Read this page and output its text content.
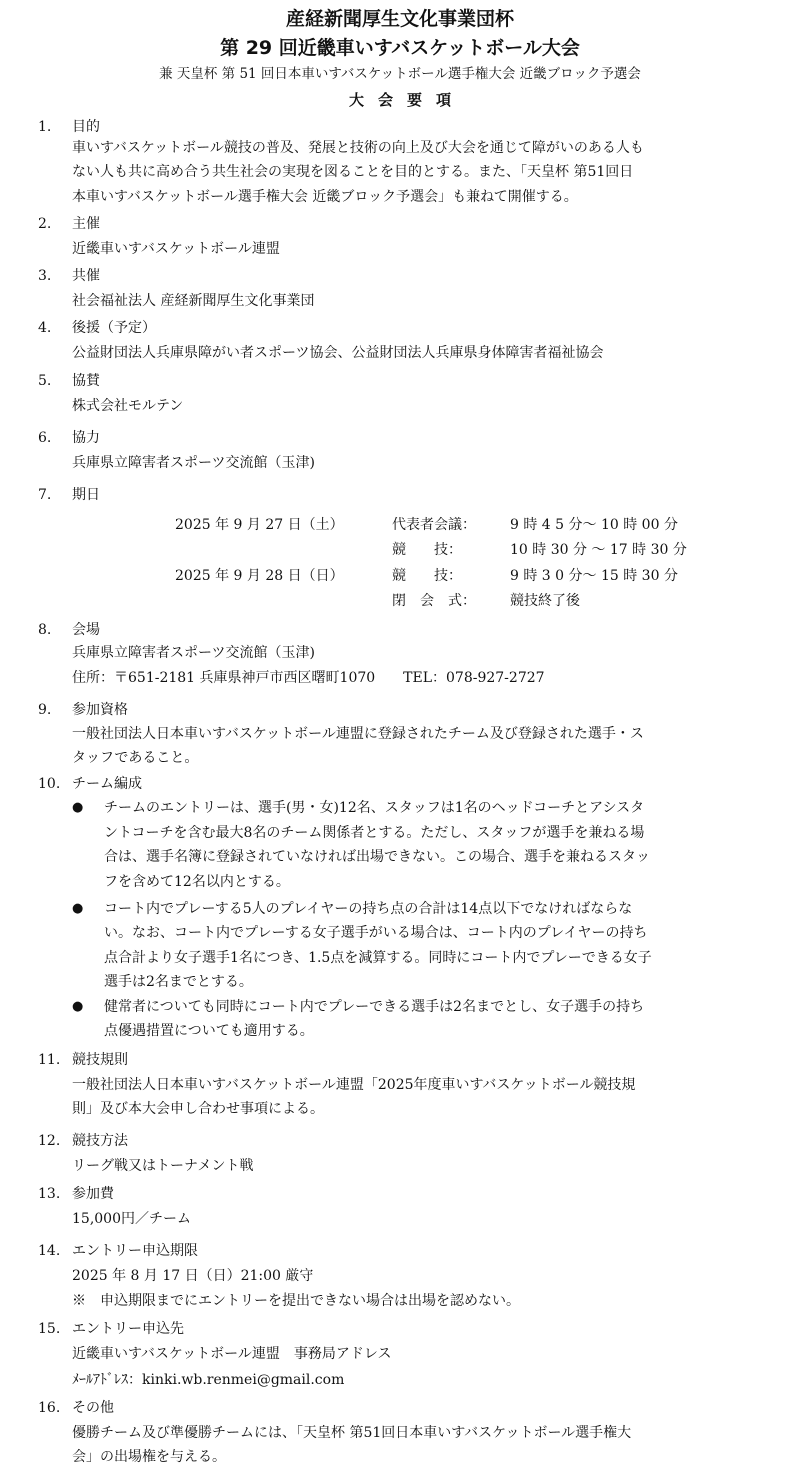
産経新聞厚生文化事業団杯
第 29 回近畿車いすバスケットボール大会
兼 天皇杯 第 51 回日本車いすバスケットボール選手権大会 近畿ブロック予選会
大会要項
1. 目的
車いすバスケットボール競技の普及、発展と技術の向上及び大会を通じて障がいのある人も
ない人も共に高め合う共生社会の実現を図ることを目的とする。また、「天皇杯 第51回日
本車いすバスケットボール選手権大会 近畿ブロック予選会」も兼ねて開催する。
2. 主催
近畿車いすバスケットボール連盟
3. 共催
社会福祉法人 産経新聞厚生文化事業団
4. 後援（予定）
公益財団法人兵庫県障がい者スポーツ協会、公益財団法人兵庫県身体障害者福祉協会
5. 協賛
株式会社モルテン
6. 協力
兵庫県立障害者スポーツ交流館（玉津)
7. 期日
2025 年 9 月 27 日（土）	代表者会議： 9 時 4 5 分～ 10 時 00 分
競　　技：	10 時 30 分 ～ 17 時 30 分
2025 年 9 月 28 日（日）	競　　技：	9 時 3 0 分～ 15 時 30 分
閉　会　式： 競技終了後
8. 会場
兵庫県立障害者スポーツ交流館（玉津)
住所：〒651-2181 兵庫県神戸市西区曙町1070　　TEL：078-927-2727
9. 参加資格
一般社団法人日本車いすバスケットボール連盟に登録されたチーム及び登録された選手・ス
タッフであること。
10. チーム編成
● チームのエントリーは、選手(男・女)12名、スタッフは1名のヘッドコーチとアシスタ
ントコーチを含む最大8名のチーム関係者とする。ただし、スタッフが選手を兼ねる場
合は、選手名簿に登録されていなければ出場できない。この場合、選手を兼ねるスタッ
フを含めて12名以内とする。
● コート内でプレーする5人のプレイヤーの持ち点の合計は14点以下でなければならな
い。なお、コート内でプレーする女子選手がいる場合は、コート内のプレイヤーの持ち
点合計より女子選手1名につき、1.5点を減算する。同時にコート内でプレーできる女子
選手は2名までとする。
● 健常者についても同時にコート内でプレーできる選手は2名までとし、女子選手の持ち
点優遇措置についても適用する。
11. 競技規則
一般社団法人日本車いすバスケットボール連盟「2025年度車いすバスケットボール競技規
則」及び本大会申し合わせ事項による。
12. 競技方法
リーグ戦又はトーナメント戦
13. 参加費
15,000円／チーム
14. エントリー申込期限
2025 年 8 月 17 日（日）21:00 厳守
※　申込期限までにエントリーを提出できない場合は出場を認めない。
15. エントリー申込先
近畿車いすバスケットボール連盟　事務局アドレス
ﾒｰﾙｱﾄﾞﾚｽ：kinki.wb.renmei@gmail.com
16. その他
優勝チーム及び準優勝チームには、「天皇杯 第51回日本車いすバスケットボール選手権大
会」の出場権を与える。
